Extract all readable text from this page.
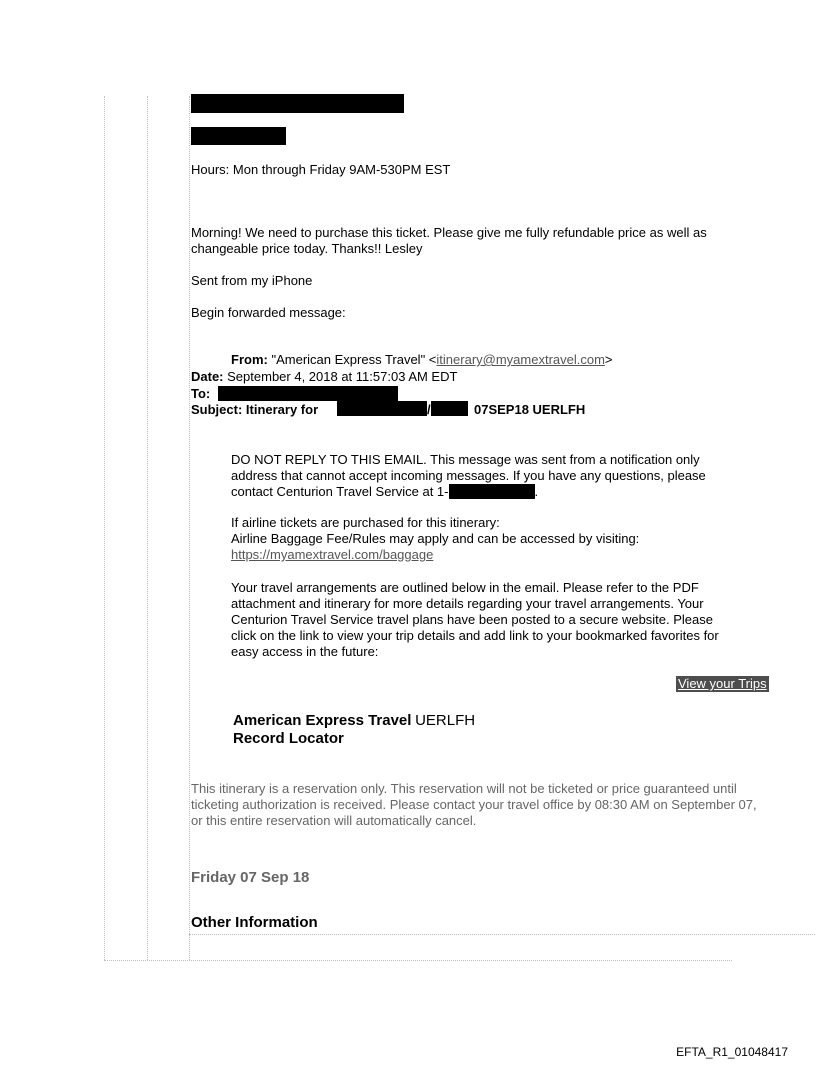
Hours: Mon through Friday 9AM-530PM EST
Morning! We need to purchase this ticket. Please give me fully refundable price as well as
changeable price today. Thanks!! Lesley
Sent from my iPhone
Begin forwarded message:
From: "American Express Travel" <itinerary@myamextravel.com>
Date: September 4, 2018 at 11:57:03 AM EDT
To:
Subject: Itinerary for	/	07SEP18 UERLFH
DO NOT REPLY TO THIS EMAIL. This message was sent from a notification only
address that cannot accept incoming messages. If you have any questions, please
contact Centurion Travel Service at 1-	.
If airline tickets are purchased for this itinerary:
Airline Baggage Fee/Rules may apply and can be accessed by visiting:
https://myamextravel.com/baggage
Your travel arrangements are outlined below in the email. Please refer to the PDF
attachment and itinerary for more details regarding your travel arrangements. Your
Centurion Travel Service travel plans have been posted to a secure website. Please
click on the link to view your trip details and add link to your bookmarked favorites for
easy access in the future:
View your Trips
American Express Travel UERLFH
Record Locator
This itinerary is a reservation only. This reservation will not be ticketed or price guaranteed until
ticketing authorization is received. Please contact your travel office by 08:30 AM on September 07,
or this entire reservation will automatically cancel.
Friday 07 Sep 18
Other Information
EFTA_R1_01048417
